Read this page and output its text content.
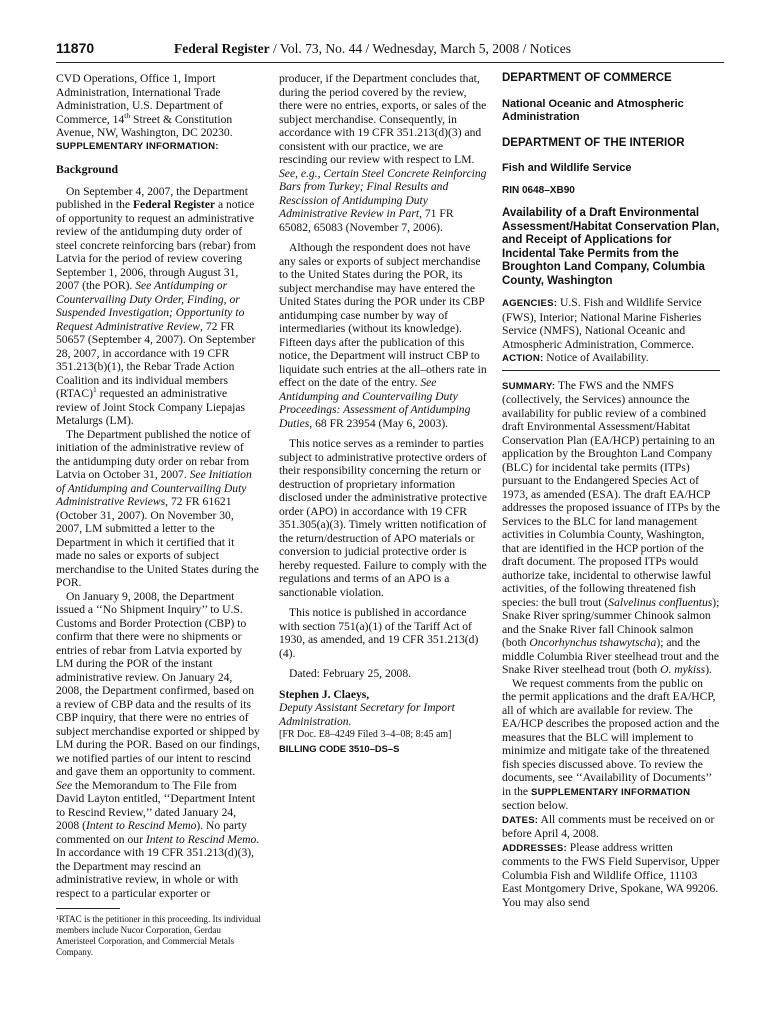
11870	Federal Register / Vol. 73, No. 44 / Wednesday, March 5, 2008 / Notices

CVD Operations, Office 1, Import Administration, International Trade Administration, U.S. Department of Commerce, 14th Street & Constitution Avenue, NW, Washington, DC 20230.

SUPPLEMENTARY INFORMATION:

Background

On September 4, 2007, the Department published in the Federal Register a notice of opportunity to request an administrative review of the antidumping duty order of steel concrete reinforcing bars (rebar) from Latvia for the period of review covering September 1, 2006, through August 31, 2007 (the POR). See Antidumping or Countervailing Duty Order, Finding, or Suspended Investigation; Opportunity to Request Administrative Review, 72 FR 50657 (September 4, 2007). On September 28, 2007, in accordance with 19 CFR 351.213(b)(1), the Rebar Trade Action Coalition and its individual members (RTAC)$^1$ requested an administrative review of Joint Stock Company Liepajas Metalurgs (LM).

The Department published the notice of initiation of the administrative review of the antidumping duty order on rebar from Latvia on October 31, 2007. See Initiation of Antidumping and Countervailing Duty Administrative Reviews, 72 FR 61621 (October 31, 2007). On November 30, 2007, LM submitted a letter to the Department in which it certified that it made no sales or exports of subject merchandise to the United States during the POR.

On January 9, 2008, the Department issued a ‘‘No Shipment Inquiry’’ to U.S. Customs and Border Protection (CBP) to confirm that there were no shipments or entries of rebar from Latvia exported by LM during the POR of the instant administrative review. On January 24, 2008, the Department confirmed, based on a review of CBP data and the results of its CBP inquiry, that there were no entries of subject merchandise exported or shipped by LM during the POR. Based on our findings, we notified parties of our intent to rescind and gave them an opportunity to comment. See the Memorandum to The File from David Layton entitled, ‘‘Department Intent to Rescind Review,’’ dated January 24, 2008 (Intent to Rescind Memo). No party commented on our Intent to Rescind Memo. In accordance with 19 CFR 351.213(d)(3), the Department may rescind an administrative review, in whole or with respect to a particular exporter or

¹RTAC is the petitioner in this proceeding. Its individual members include Nucor Corporation, Gerdau Ameristeel Corporation, and Commercial Metals Company.

producer, if the Department concludes that, during the period covered by the review, there were no entries, exports, or sales of the subject merchandise. Consequently, in accordance with 19 CFR 351.213(d)(3) and consistent with our practice, we are rescinding our review with respect to LM. See, e.g., Certain Steel Concrete Reinforcing Bars from Turkey; Final Results and Rescission of Antidumping Duty Administrative Review in Part, 71 FR 65082, 65083 (November 7, 2006).

Although the respondent does not have any sales or exports of subject merchandise to the United States during the POR, its subject merchandise may have entered the United States during the POR under its CBP antidumping case number by way of intermediaries (without its knowledge). Fifteen days after the publication of this notice, the Department will instruct CBP to liquidate such entries at the all–others rate in effect on the date of the entry. See Antidumping and Countervailing Duty Proceedings: Assessment of Antidumping Duties, 68 FR 23954 (May 6, 2003).

This notice serves as a reminder to parties subject to administrative protective orders of their responsibility concerning the return or destruction of proprietary information disclosed under the administrative protective order (APO) in accordance with 19 CFR 351.305(a)(3). Timely written notification of the return/destruction of APO materials or conversion to judicial protective order is hereby requested. Failure to comply with the regulations and terms of an APO is a sanctionable violation.

This notice is published in accordance with section 751(a)(1) of the Tariff Act of 1930, as amended, and 19 CFR 351.213(d)(4).

Dated: February 25, 2008.

Stephen J. Claeys,

Deputy Assistant Secretary for Import Administration.

[FR Doc. E8–4249 Filed 3–4–08; 8:45 am]

BILLING CODE 3510–DS–S

DEPARTMENT OF COMMERCE

National Oceanic and Atmospheric Administration

DEPARTMENT OF THE INTERIOR

Fish and Wildlife Service

RIN 0648–XB90

Availability of a Draft Environmental Assessment/Habitat Conservation Plan, and Receipt of Applications for Incidental Take Permits from the Broughton Land Company, Columbia County, Washington

AGENCIES: U.S. Fish and Wildlife Service (FWS), Interior; National Marine Fisheries Service (NMFS), National Oceanic and Atmospheric Administration, Commerce.

ACTION: Notice of Availability.

SUMMARY: The FWS and the NMFS (collectively, the Services) announce the availability for public review of a combined draft Environmental Assessment/Habitat Conservation Plan (EA/HCP) pertaining to an application by the Broughton Land Company (BLC) for incidental take permits (ITPs) pursuant to the Endangered Species Act of 1973, as amended (ESA). The draft EA/HCP addresses the proposed issuance of ITPs by the Services to the BLC for land management activities in Columbia County, Washington, that are identified in the HCP portion of the draft document. The proposed ITPs would authorize take, incidental to otherwise lawful activities, of the following threatened fish species: the bull trout (Salvelinus confluentus); Snake River spring/summer Chinook salmon and the Snake River fall Chinook salmon (both Oncorhynchus tshawytscha); and the middle Columbia River steelhead trout and the Snake River steelhead trout (both O. mykiss).

We request comments from the public on the permit applications and the draft EA/HCP, all of which are available for review. The EA/HCP describes the proposed action and the measures that the BLC will implement to minimize and mitigate take of the threatened fish species discussed above. To review the documents, see ‘‘Availability of Documents’’ in the SUPPLEMENTARY INFORMATION section below.

DATES: All comments must be received on or before April 4, 2008.

ADDRESSES: Please address written comments to the FWS Field Supervisor, Upper Columbia Fish and Wildlife Office, 11103 East Montgomery Drive, Spokane, WA 99206. You may also send
